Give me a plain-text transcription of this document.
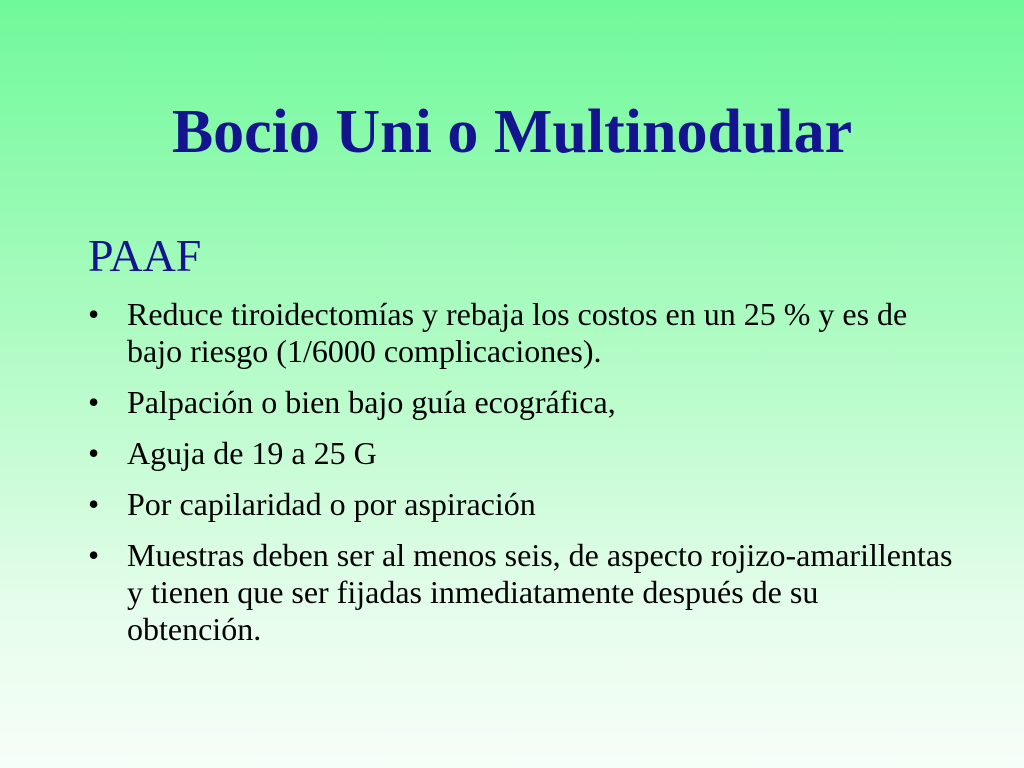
Bocio Uni o Multinodular
PAAF
• Reduce tiroidectomías y rebaja los costos en un 25 % y es de bajo riesgo (1/6000 complicaciones).
• Palpación o bien bajo guía ecográfica,
• Aguja de 19 a 25 G
• Por capilaridad o por aspiración
• Muestras deben ser al menos seis, de aspecto rojizo-amarillentas y tienen que ser fijadas inmediatamente después de su obtención.
